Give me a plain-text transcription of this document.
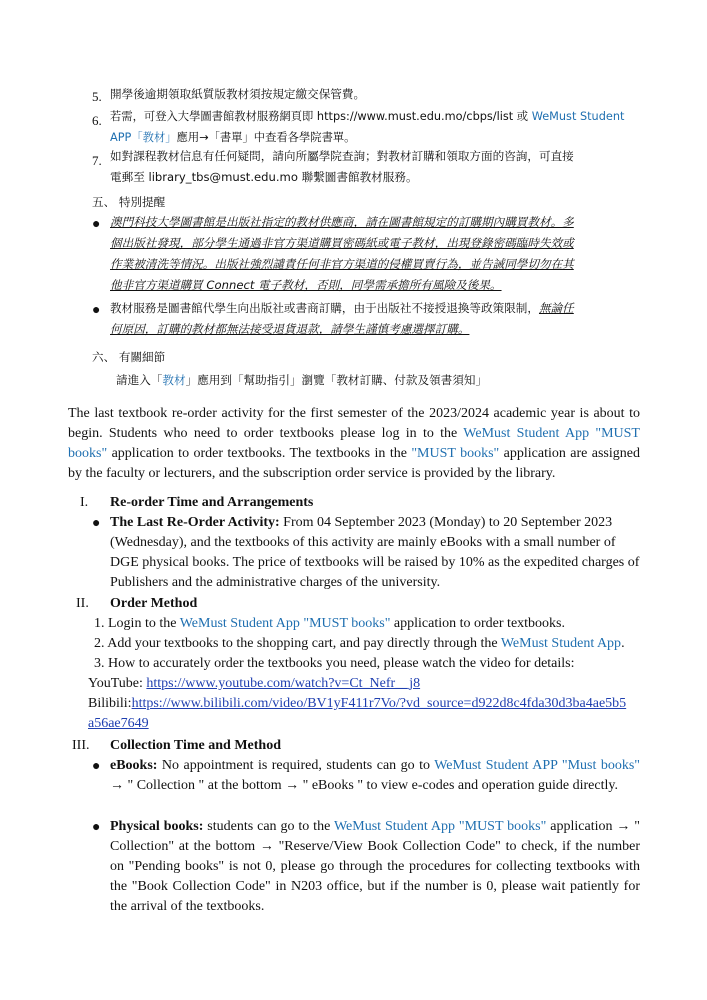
5. 開學後逾期領取紙質版教材須按規定繳交保管費。
6. 若需，可登入大學圖書館教材服務網頁即 https://www.must.edu.mo/cbps/list 或 WeMust Student
APP「教材」應用→「書單」中查看各學院書單。
7. 如對課程教材信息有任何疑問，請向所屬學院查詢；對教材訂購和領取方面的咨詢，可直接
電郵至 library_tbs@must.edu.mo 聯繫圖書館教材服務。
五、 特別提醒
● 澳門科技大學圖書館是出版社指定的教材供應商，請在圖書館規定的訂購期內購買教材。多
個出版社發現，部分學生通過非官方渠道購買密碼紙或電子教材，出現登錄密碼臨時失效或
作業被清洗等情況。出版社強烈譴責任何非官方渠道的侵權買賣行為，並告誡同學切勿在其
他非官方渠道購買 Connect 電子教材，否則，同學需承擔所有風險及後果。
● 教材服務是圖書館代學生向出版社或書商訂購，由于出版社不接授退換等政策限制，無論任
何原因，訂購的教材都無法接受退貨退款，請學生謹慎考慮選擇訂購。
六、 有關細節
請進入「教材」應用到「幫助指引」瀏覽「教材訂購、付款及領書須知」
The last textbook re-order activity for the first semester of the 2023/2024 academic year is about to begin. Students who need to order textbooks please log in to the WeMust Student App "MUST books" application to order textbooks. The textbooks in the "MUST books" application are assigned by the faculty or lecturers, and the subscription order service is provided by the library.
I. Re-order Time and Arrangements
● The Last Re-Order Activity: From 04 September 2023 (Monday) to 20 September 2023 (Wednesday), and the textbooks of this activity are mainly eBooks with a small number of DGE physical books. The price of textbooks will be raised by 10% as the expedited charges of Publishers and the administrative charges of the university.
II. Order Method
1. Login to the WeMust Student App "MUST books" application to order textbooks.
2. Add your textbooks to the shopping cart, and pay directly through the WeMust Student App.
3. How to accurately order the textbooks you need, please watch the video for details:
YouTube: https://www.youtube.com/watch?v=Ct_Nefr__j8
Bilibili:https://www.bilibili.com/video/BV1yF411r7Vo/?vd_source=d922d8c4fda30d3ba4ae5b5
a56ae7649
III. Collection Time and Method
● eBooks: No appointment is required, students can go to WeMust Student APP "Must books" → " Collection " at the bottom → " eBooks " to view e-codes and operation guide directly.
● Physical books: students can go to the WeMust Student App "MUST books" application → " Collection" at the bottom → "Reserve/View Book Collection Code" to check, if the number on "Pending books" is not 0, please go through the procedures for collecting textbooks with the "Book Collection Code" in N203 office, but if the number is 0, please wait patiently for the arrival of the textbooks.
